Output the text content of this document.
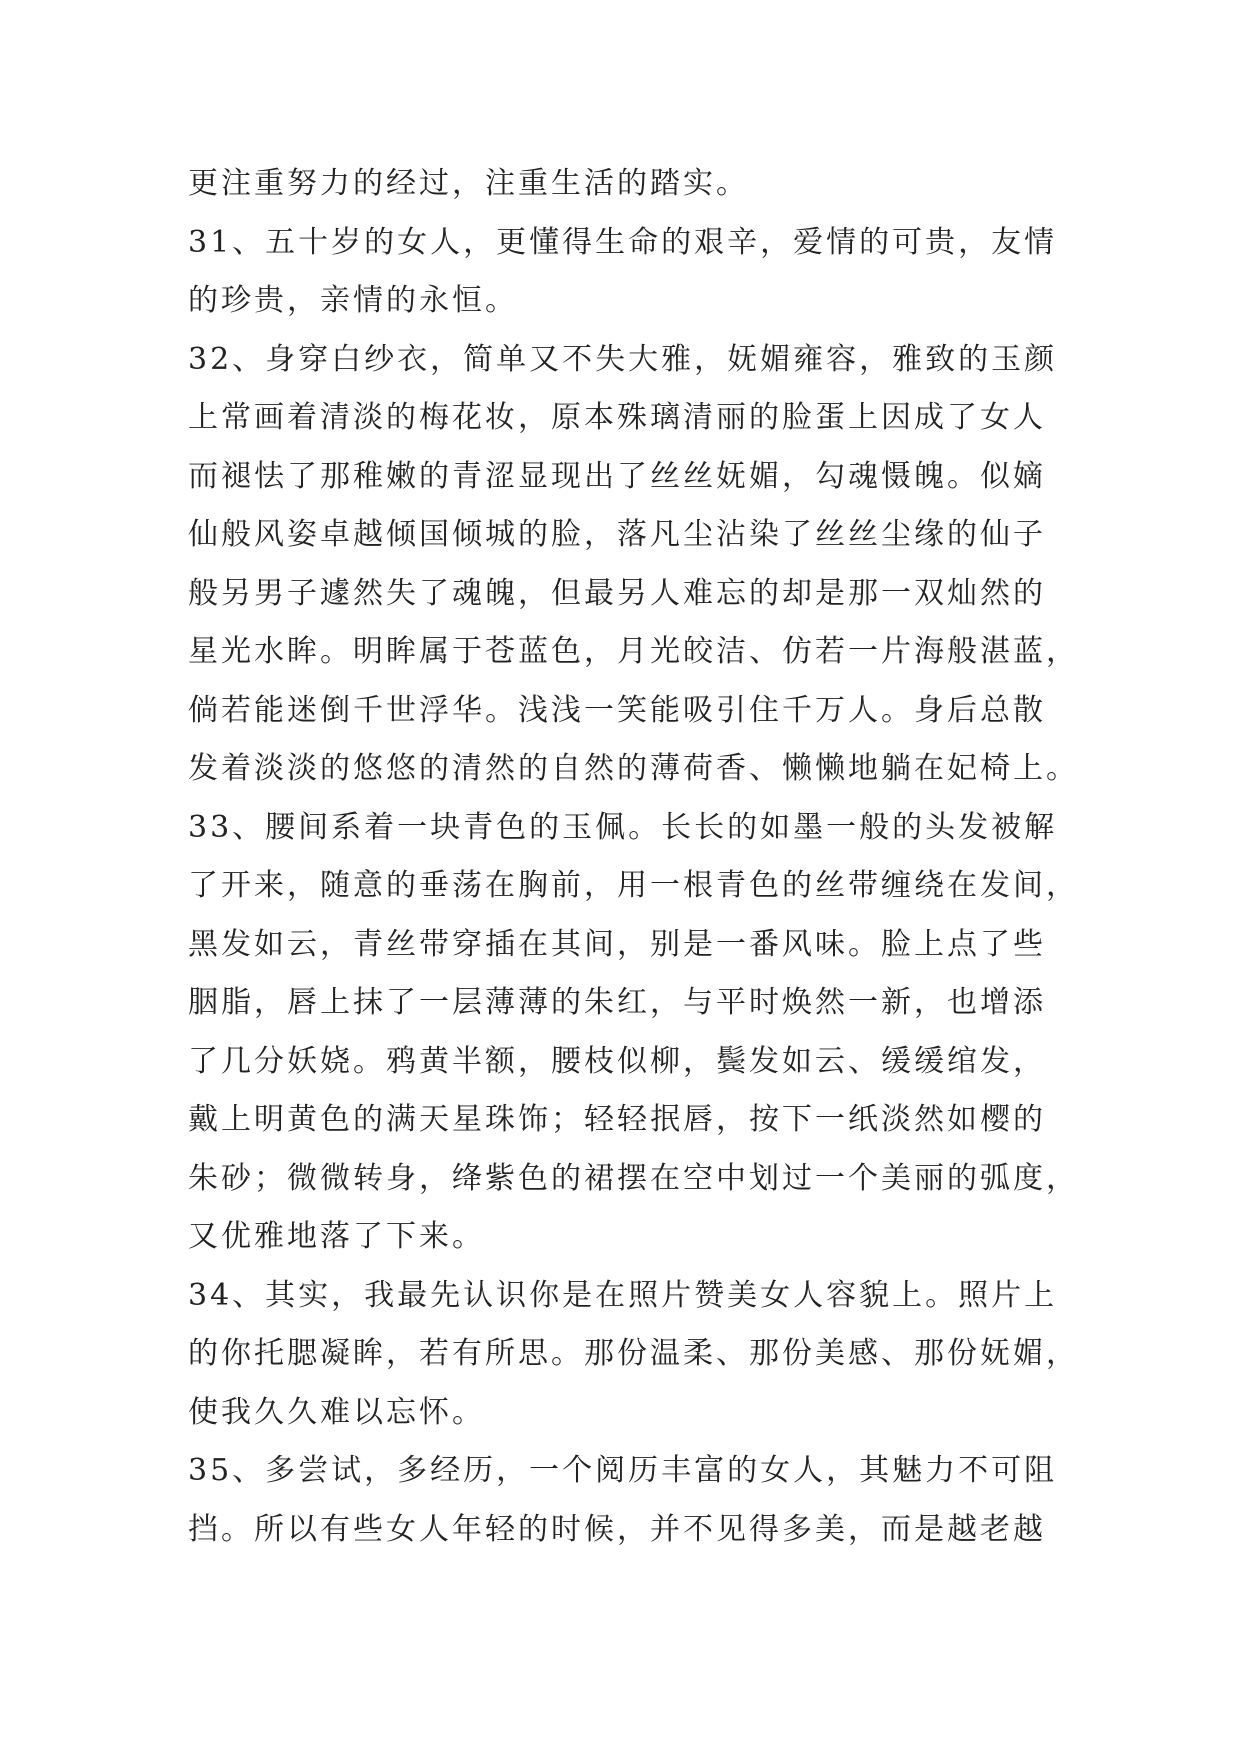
更注重努力的经过，注重生活的踏实。
31、五十岁的女人，更懂得生命的艰辛，爱情的可贵，友情
的珍贵，亲情的永恒。
32、身穿白纱衣，简单又不失大雅，妩媚雍容，雅致的玉颜
上常画着清淡的梅花妆，原本殊璃清丽的脸蛋上因成了女人
而褪怯了那稚嫩的青涩显现出了丝丝妩媚，勾魂慑魄。似嫡
仙般风姿卓越倾国倾城的脸，落凡尘沾染了丝丝尘缘的仙子
般另男子遽然失了魂魄，但最另人难忘的却是那一双灿然的
星光水眸。明眸属于苍蓝色，月光皎洁、仿若一片海般湛蓝，
倘若能迷倒千世浮华。浅浅一笑能吸引住千万人。身后总散
发着淡淡的悠悠的清然的自然的薄荷香、懒懒地躺在妃椅上。
33、腰间系着一块青色的玉佩。长长的如墨一般的头发被解
了开来，随意的垂荡在胸前，用一根青色的丝带缠绕在发间，
黑发如云，青丝带穿插在其间，别是一番风味。脸上点了些
胭脂，唇上抹了一层薄薄的朱红，与平时焕然一新，也增添
了几分妖娆。鸦黄半额，腰枝似柳，鬓发如云、缓缓绾发，
戴上明黄色的满天星珠饰；轻轻抿唇，按下一纸淡然如樱的
朱砂；微微转身，绛紫色的裙摆在空中划过一个美丽的弧度，
又优雅地落了下来。
34、其实，我最先认识你是在照片赞美女人容貌上。照片上
的你托腮凝眸，若有所思。那份温柔、那份美感、那份妩媚，
使我久久难以忘怀。
35、多尝试，多经历，一个阅历丰富的女人，其魅力不可阻
挡。所以有些女人年轻的时候，并不见得多美，而是越老越
